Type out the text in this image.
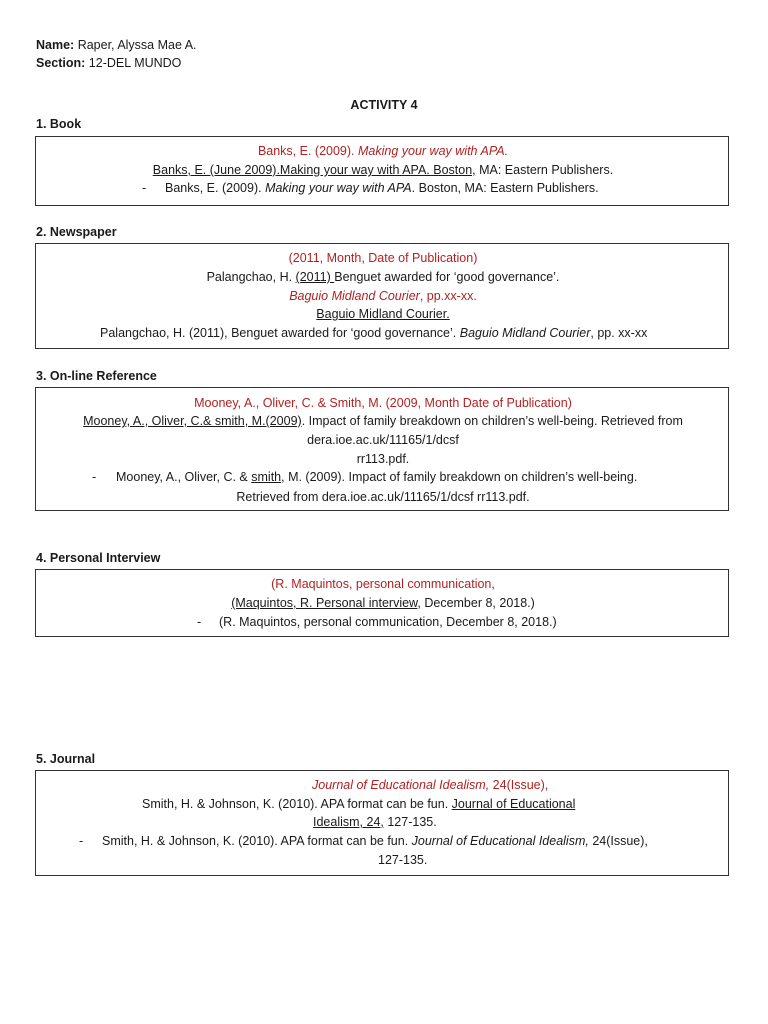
Name: Raper, Alyssa Mae A.
Section: 12-DEL MUNDO
ACTIVITY 4
1. Book
Banks, E. (2009). Making your way with APA.
Banks, E. (June 2009).Making your way with APA. Boston, MA: Eastern Publishers.
- Banks, E. (2009). Making your way with APA. Boston, MA: Eastern Publishers.
2. Newspaper
(2011, Month, Date of Publication)
Palangchao, H. (2011) Benguet awarded for ‘good governance’.
Baguio Midland Courier, pp.xx-xx.
Baguio Midland Courier.
Palangchao, H. (2011), Benguet awarded for ‘good governance’. Baguio Midland Courier, pp. xx-xx
3. On-line Reference
Mooney, A., Oliver, C. & Smith, M. (2009, Month Date of Publication)
Mooney, A., Oliver, C.& smith, M.(2009). Impact of family breakdown on children’s well-being. Retrieved from
dera.ioe.ac.uk/11165/1/dcsf
rr113.pdf.
- Mooney, A., Oliver, C. & smith, M. (2009). Impact of family breakdown on children’s well-being.
Retrieved from dera.ioe.ac.uk/11165/1/dcsf rr113.pdf.
4. Personal Interview
(R. Maquintos, personal communication,
(Maquintos, R. Personal interview, December 8, 2018.)
- (R. Maquintos, personal communication, December 8, 2018.)
5. Journal
Journal of Educational Idealism, 24(Issue),
Smith, H. & Johnson, K. (2010). APA format can be fun. Journal of Educational
Idealism, 24, 127-135.
- Smith, H. & Johnson, K. (2010). APA format can be fun. Journal of Educational Idealism, 24(Issue),
127-135.
